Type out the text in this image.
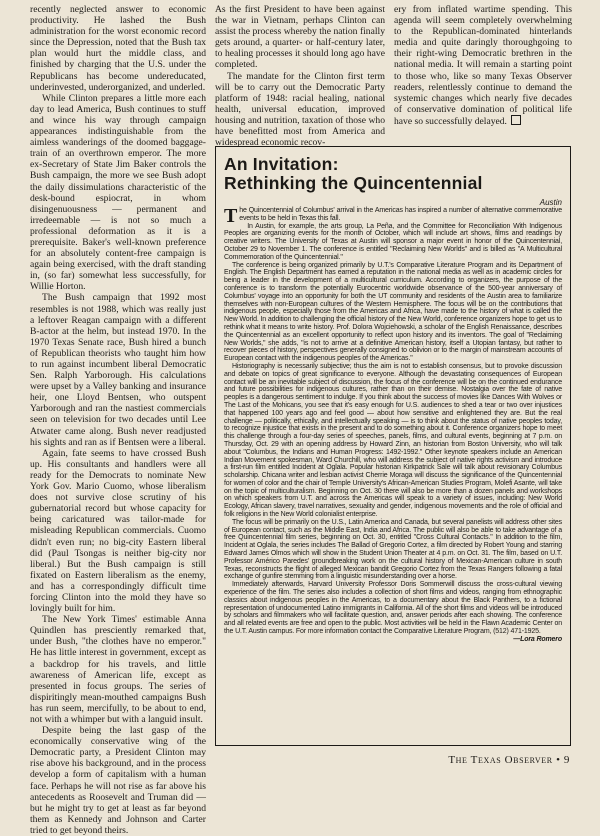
recently neglected answer to economic productivity. He lashed the Bush administration for the worst economic record since the Depression, noted that the Bush tax plan would hurt the middle class, and finished by charging that the U.S. under the Republicans has become undereducated, underinvested, underorganized, and underled.

While Clinton prepares a little more each day to lead America, Bush continues to stuff and wince his way through campaign appearances indistinguishable from the aimless wanderings of the doomed baggage-train of an overthrown emperor. The more ex-Secretary of State Jim Baker controls the Bush campaign, the more we see Bush adopt the daily dissimulations characteristic of the desk-bound espiocrat, in whom disingenuousness — permanent and irredeemable — is not so much a professional deformation as it is a prerequisite. Baker's well-known preference for an absolutely content-free campaign is again being exercised, with the draft standing in, (so far) somewhat less successfully, for Willie Horton.

The Bush campaign that 1992 most resembles is not 1988, which was really just a leftover Reagan campaign with a different B-actor at the helm, but instead 1970. In the 1970 Texas Senate race, Bush hired a bunch of Republican theorists who taught him how to run against incumbent liberal Democratic Sen. Ralph Yarborough. His calculations were upset by a Valley banking and insurance heir, one Lloyd Bentsen, who outspent Yarborough and ran the nastiest commercials seen on television for two decades until Lee Atwater came along. Bush never readjusted his sights and ran as if Bentsen were a liberal.

Again, fate seems to have crossed Bush up. His consultants and handlers were all ready for the Democrats to nominate New York Gov. Mario Cuomo, whose liberalism does not survive close scrutiny of his gubernatorial record but whose capacity for being caricatured was tailor-made for misleading Republican commercials. Cuomo didn't even run; no big-city Eastern liberal did (Paul Tsongas is neither big-city nor liberal.) But the Bush campaign is still fixated on Eastern liberalism as the enemy, and has a correspondingly difficult time forcing Clinton into the mold they have so lovingly built for him.

The New York Times' estimable Anna Quindlen has presciently remarked that, under Bush, "the clothes have no emperor." He has little interest in government, except as a backdrop for his travels, and little awareness of American life, except as presented in focus groups. The series of dispiritingly mean-mouthed campaigns Bush has run seem, mercifully, to be about to end, not with a whimper but with a languid insult.

Despite being the last gasp of the economically conservative wing of the Democratic party, a President Clinton may rise above his background, and in the process develop a form of capitalism with a human face. Perhaps he will not rise as far above his antecedents as Roosevelt and Truman did — but he might try to get at least as far beyond them as Kennedy and Johnson and Carter tried to get beyond theirs.

As the first President to have been against the war in Vietnam, perhaps Clinton can assist the process whereby the nation finally gets around, a quarter- or half-century later, to healing processes it should long ago have completed.

The mandate for the Clinton first term will be to carry out the Democratic Party platform of 1948: racial healing, national health, universal education, improved housing and nutrition, taxation of those who have benefitted most from America and widespread economic recov-

ery from inflated wartime spending. This agenda will seem completely overwhelming to the Republican-dominated hinterlands media and quite daringly thoroughgoing to their right-wing Democratic brethren in the national media. It will remain a starting point to those who, like so many Texas Observer readers, relentlessly continue to demand the systemic changes which nearly five decades of conservative domination of political life have so successfully delayed.

An Invitation:
Rethinking the Quincentennial
Austin

The Quincentennial of Columbus' arrival in the Americas has inspired a number of alternative commemorative events to be held in Texas this fall.

In Austin, for example, the arts group, La Peña, and the Committee for Reconciliation With Indigenous Peoples are organizing events for the month of October, which will include art shows, films and readings by creative writers. The University of Texas at Austin will sponsor a major event in honor of the Quincentennial, October 29 to November 1. The conference is entitled "Reclaiming New Worlds" and is billed as "A Multicultural Commemoration of the Quincentennial."

The conference is being organized primarily by U.T.'s Comparative Literature Program and its Department of English. The English Department has earned a reputation in the national media as well as in academic circles for being a leader in the development of a multicultural curriculum. According to organizers, the purpose of the conference is to transform the potentially Eurocentric worldwide observance of the 500-year anniversary of Columbus' voyage into an opportunity for both the UT community and residents of the Austin area to familiarize themselves with non-European cultures of the Western Hemisphere. The focus will be on the contributions that indigenous people, especially those from the Americas and Africa, have made to the history of what is called the New World. In addition to challenging the official history of the New World, conference organizers hope to get us to rethink what it means to write history. Prof. Dolora Wojciehowski, a scholar of the English Renaissance, describes the Quincentennial as an excellent opportunity to reflect upon history and its inventors. The goal of "Reclaiming New Worlds," she adds, "is not to arrive at a definitive American history, itself a Utopian fantasy, but rather to recover pieces of history, perspectives generally consigned to oblivion or to the margin of mainstream accounts of European contact with the indigenous peoples of the Americas."

Historiography is necessarily subjective; thus the aim is not to establish consensus, but to provoke discussion and debate on topics of great significance to everyone. Although the devastating consequences of European contact will be an inevitable subject of discussion, the focus of the conference will be on the continued endurance and future possibilities for indigenous cultures, rather than on their demise. Nostalgia over the fate of native peoples is a dangerous sentiment to indulge. If you think about the success of movies like Dances With Wolves or The Last of the Mohicans, you see that it's easy enough for U.S. audiences to shed a tear or two over injustices that happened 100 years ago and feel good — about how sensitive and enlightened they are. But the real challenge — politically, ethically, and intellectually speaking — is to think about the status of native peoples today, to recognize injustice that exists in the present and to do something about it. Conference organizers hope to meet this challenge through a four-day series of speeches, panels, films, and cultural events, beginning at 7 p.m. on Thursday, Oct. 29 with an opening address by Howard Zinn, an historian from Boston University, who will talk about "Columbus, the Indians and Human Progress: 1492-1992." Other keynote speakers include an American Indian Movement spokesman, Ward Churchill, who will address the subject of native rights activism and introduce a first-run film entitled Incident at Oglala. Popular historian Kirkpatrick Sale will talk about revisionary Columbus scholarship. Chicana writer and lesbian activist Cherrie Moraga will discuss the significance of the Quincentennial for women of color and the chair of Temple University's African-American Studies Program, Molefi Asante, will take on the topic of multiculturalism. Beginning on Oct. 30 there will also be more than a dozen panels and workshops on which speakers from U.T. and across the Americas will speak to a variety of issues, including: New World Ecology, African slavery, travel narratives, sexuality and gender, indigenous movements and the role of official and folk religions in the New World colonialist enterprise.

The focus will be primarily on the U.S., Latin America and Canada, but several panelists will address other sites of European contact, such as the Middle East, India and Africa. The public will also be able to take advantage of a free Quincentennial film series, beginning on Oct. 30, entitled "Cross Cultural Contacts." In addition to the film, Incident at Oglala, the series includes The Ballad of Gregorio Cortez, a film directed by Robert Young and starring Edward James Olmos which will show in the Student Union Theater at 4 p.m. on Oct. 31. The film, based on U.T. Professor Américo Paredes' groundbreaking work on the cultural history of Mexican-American culture in south Texas, reconstructs the flight of alleged Mexican bandit Gregorio Cortez from the Texas Rangers following a fatal exchange of gunfire stemming from a linguistic misunderstanding over a horse.

Immediately afterwards, Harvard University Professor Doris Sommerwill discuss the cross-cultural viewing experience of the film. The series also includes a collection of short films and videos, ranging from ethnographic classics about indigenous peoples in the Americas, to a documentary about the Black Panthers, to a fictional representation of undocumented Latino immigrants in California. All of the short films and videos will be introduced by scholars and filmmakers who will facilitate question, and, answer periods after each showing. The conference and all related events are free and open to the public. Most activities will be held in the Flawn Academic Center on the U.T. Austin campus. For more information contact the Comparative Literature Program, (512) 471-1925.

—Lora Romero

The Texas Observer • 9
